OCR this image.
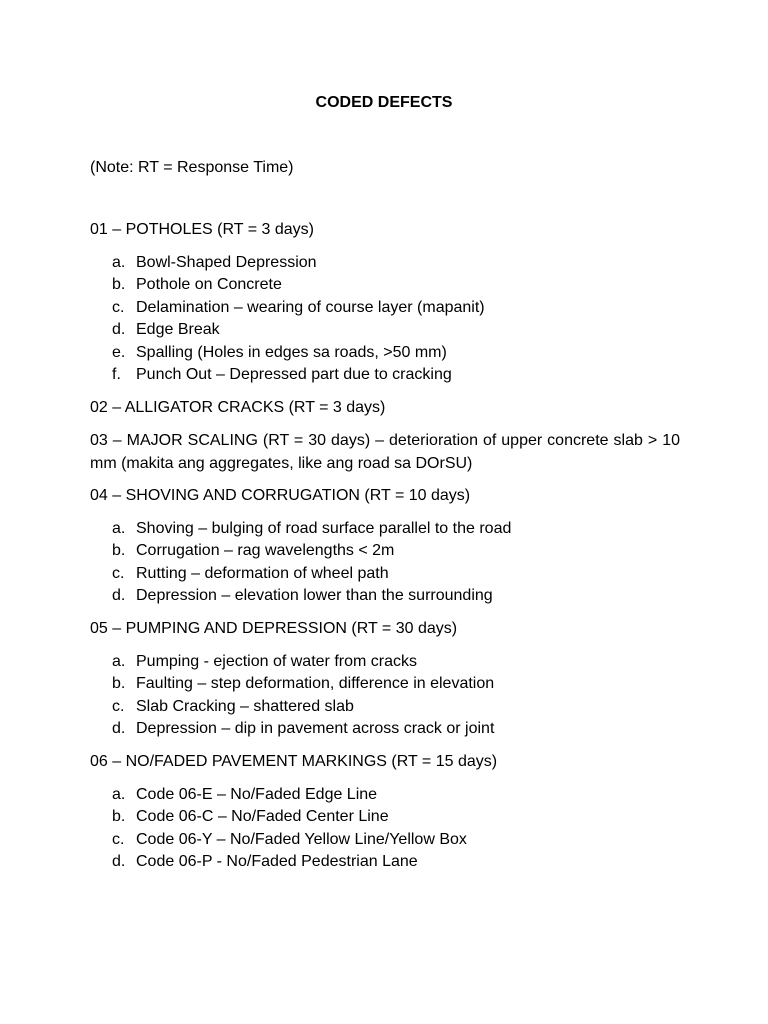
CODED DEFECTS
(Note: RT = Response Time)
01 – POTHOLES (RT = 3 days)
a. Bowl-Shaped Depression
b. Pothole on Concrete
c. Delamination – wearing of course layer (mapanit)
d. Edge Break
e. Spalling (Holes in edges sa roads, >50 mm)
f. Punch Out – Depressed part due to cracking
02 – ALLIGATOR CRACKS (RT = 3 days)
03 – MAJOR SCALING (RT = 30 days) – deterioration of upper concrete slab > 10 mm (makita ang aggregates, like ang road sa DOrSU)
04 – SHOVING AND CORRUGATION (RT = 10 days)
a. Shoving – bulging of road surface parallel to the road
b. Corrugation – rag wavelengths < 2m
c. Rutting – deformation of wheel path
d. Depression – elevation lower than the surrounding
05 – PUMPING AND DEPRESSION (RT = 30 days)
a. Pumping - ejection of water from cracks
b. Faulting – step deformation, difference in elevation
c. Slab Cracking – shattered slab
d. Depression – dip in pavement across crack or joint
06 – NO/FADED PAVEMENT MARKINGS (RT = 15 days)
a. Code 06-E – No/Faded Edge Line
b. Code 06-C – No/Faded Center Line
c. Code 06-Y – No/Faded Yellow Line/Yellow Box
d. Code 06-P - No/Faded Pedestrian Lane
